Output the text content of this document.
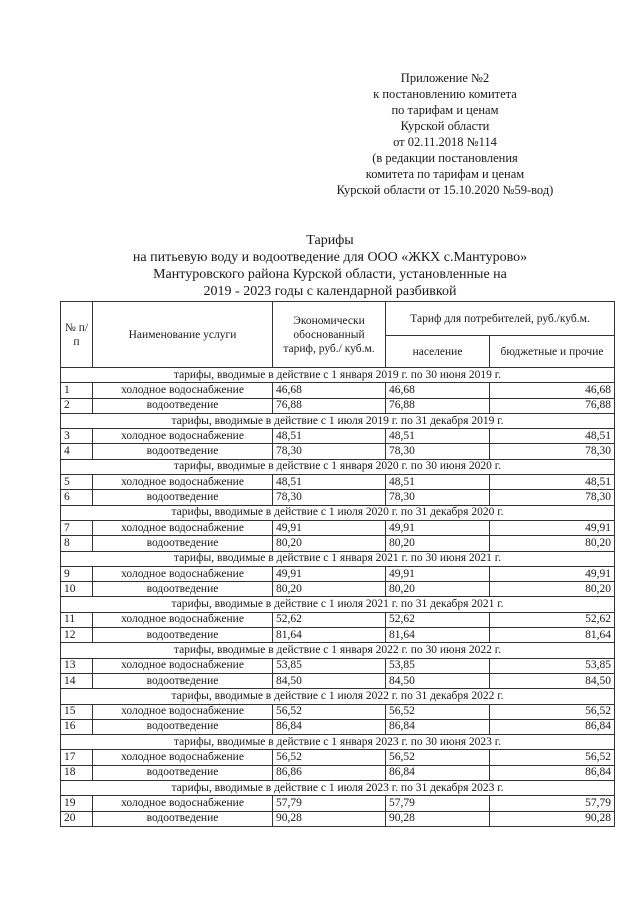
Приложение №2
к постановлению комитета
по тарифам и ценам
Курской области
от 02.11.2018 №114
(в редакции постановления
комитета по тарифам и ценам
Курской области от 15.10.2020 №59-вод)
Тарифы
на питьевую воду и водоотведение для ООО «ЖКХ с.Мантурово»
Мантуровского района Курской области, установленные на
2019 - 2023 годы с календарной разбивкой
№ п/п	Наименование услуги	Экономически обоснованный тариф, руб./ куб.м.	Тариф для потребителей, руб./куб.м.	
			население	бюджетные и прочие
тарифы, вводимые в действие с 1 января 2019 г. по 30 июня 2019 г.				
1	холодное водоснабжение	46,68	46,68	46,68
2	водоотведение	76,88	76,88	76,88
тарифы, вводимые в действие с 1 июля 2019 г. по 31 декабря 2019 г.				
3	холодное водоснабжение	48,51	48,51	48,51
4	водоотведение	78,30	78,30	78,30
тарифы, вводимые в действие с 1 января 2020 г. по 30 июня 2020 г.				
5	холодное водоснабжение	48,51	48,51	48,51
6	водоотведение	78,30	78,30	78,30
тарифы, вводимые в действие с 1 июля 2020 г. по 31 декабря 2020 г.				
7	холодное водоснабжение	49,91	49,91	49,91
8	водоотведение	80,20	80,20	80,20
тарифы, вводимые в действие с 1 января 2021 г. по 30 июня 2021 г.				
9	холодное водоснабжение	49,91	49,91	49,91
10	водоотведение	80,20	80,20	80,20
тарифы, вводимые в действие с 1 июля 2021 г. по 31 декабря 2021 г.				
11	холодное водоснабжение	52,62	52,62	52,62
12	водоотведение	81,64	81,64	81,64
тарифы, вводимые в действие с 1 января 2022 г. по 30 июня 2022 г.				
13	холодное водоснабжение	53,85	53,85	53,85
14	водоотведение	84,50	84,50	84,50
тарифы, вводимые в действие с 1 июля 2022 г. по 31 декабря 2022 г.				
15	холодное водоснабжение	56,52	56,52	56,52
16	водоотведение	86,84	86,84	86,84
тарифы, вводимые в действие с 1 января 2023 г. по 30 июня 2023 г.				
17	холодное водоснабжение	56,52	56,52	56,52
18	водоотведение	86,86	86,84	86,84
тарифы, вводимые в действие с 1 июля 2023 г. по 31 декабря 2023 г.				
19	холодное водоснабжение	57,79	57,79	57,79
20	водоотведение	90,28	90,28	90,28
